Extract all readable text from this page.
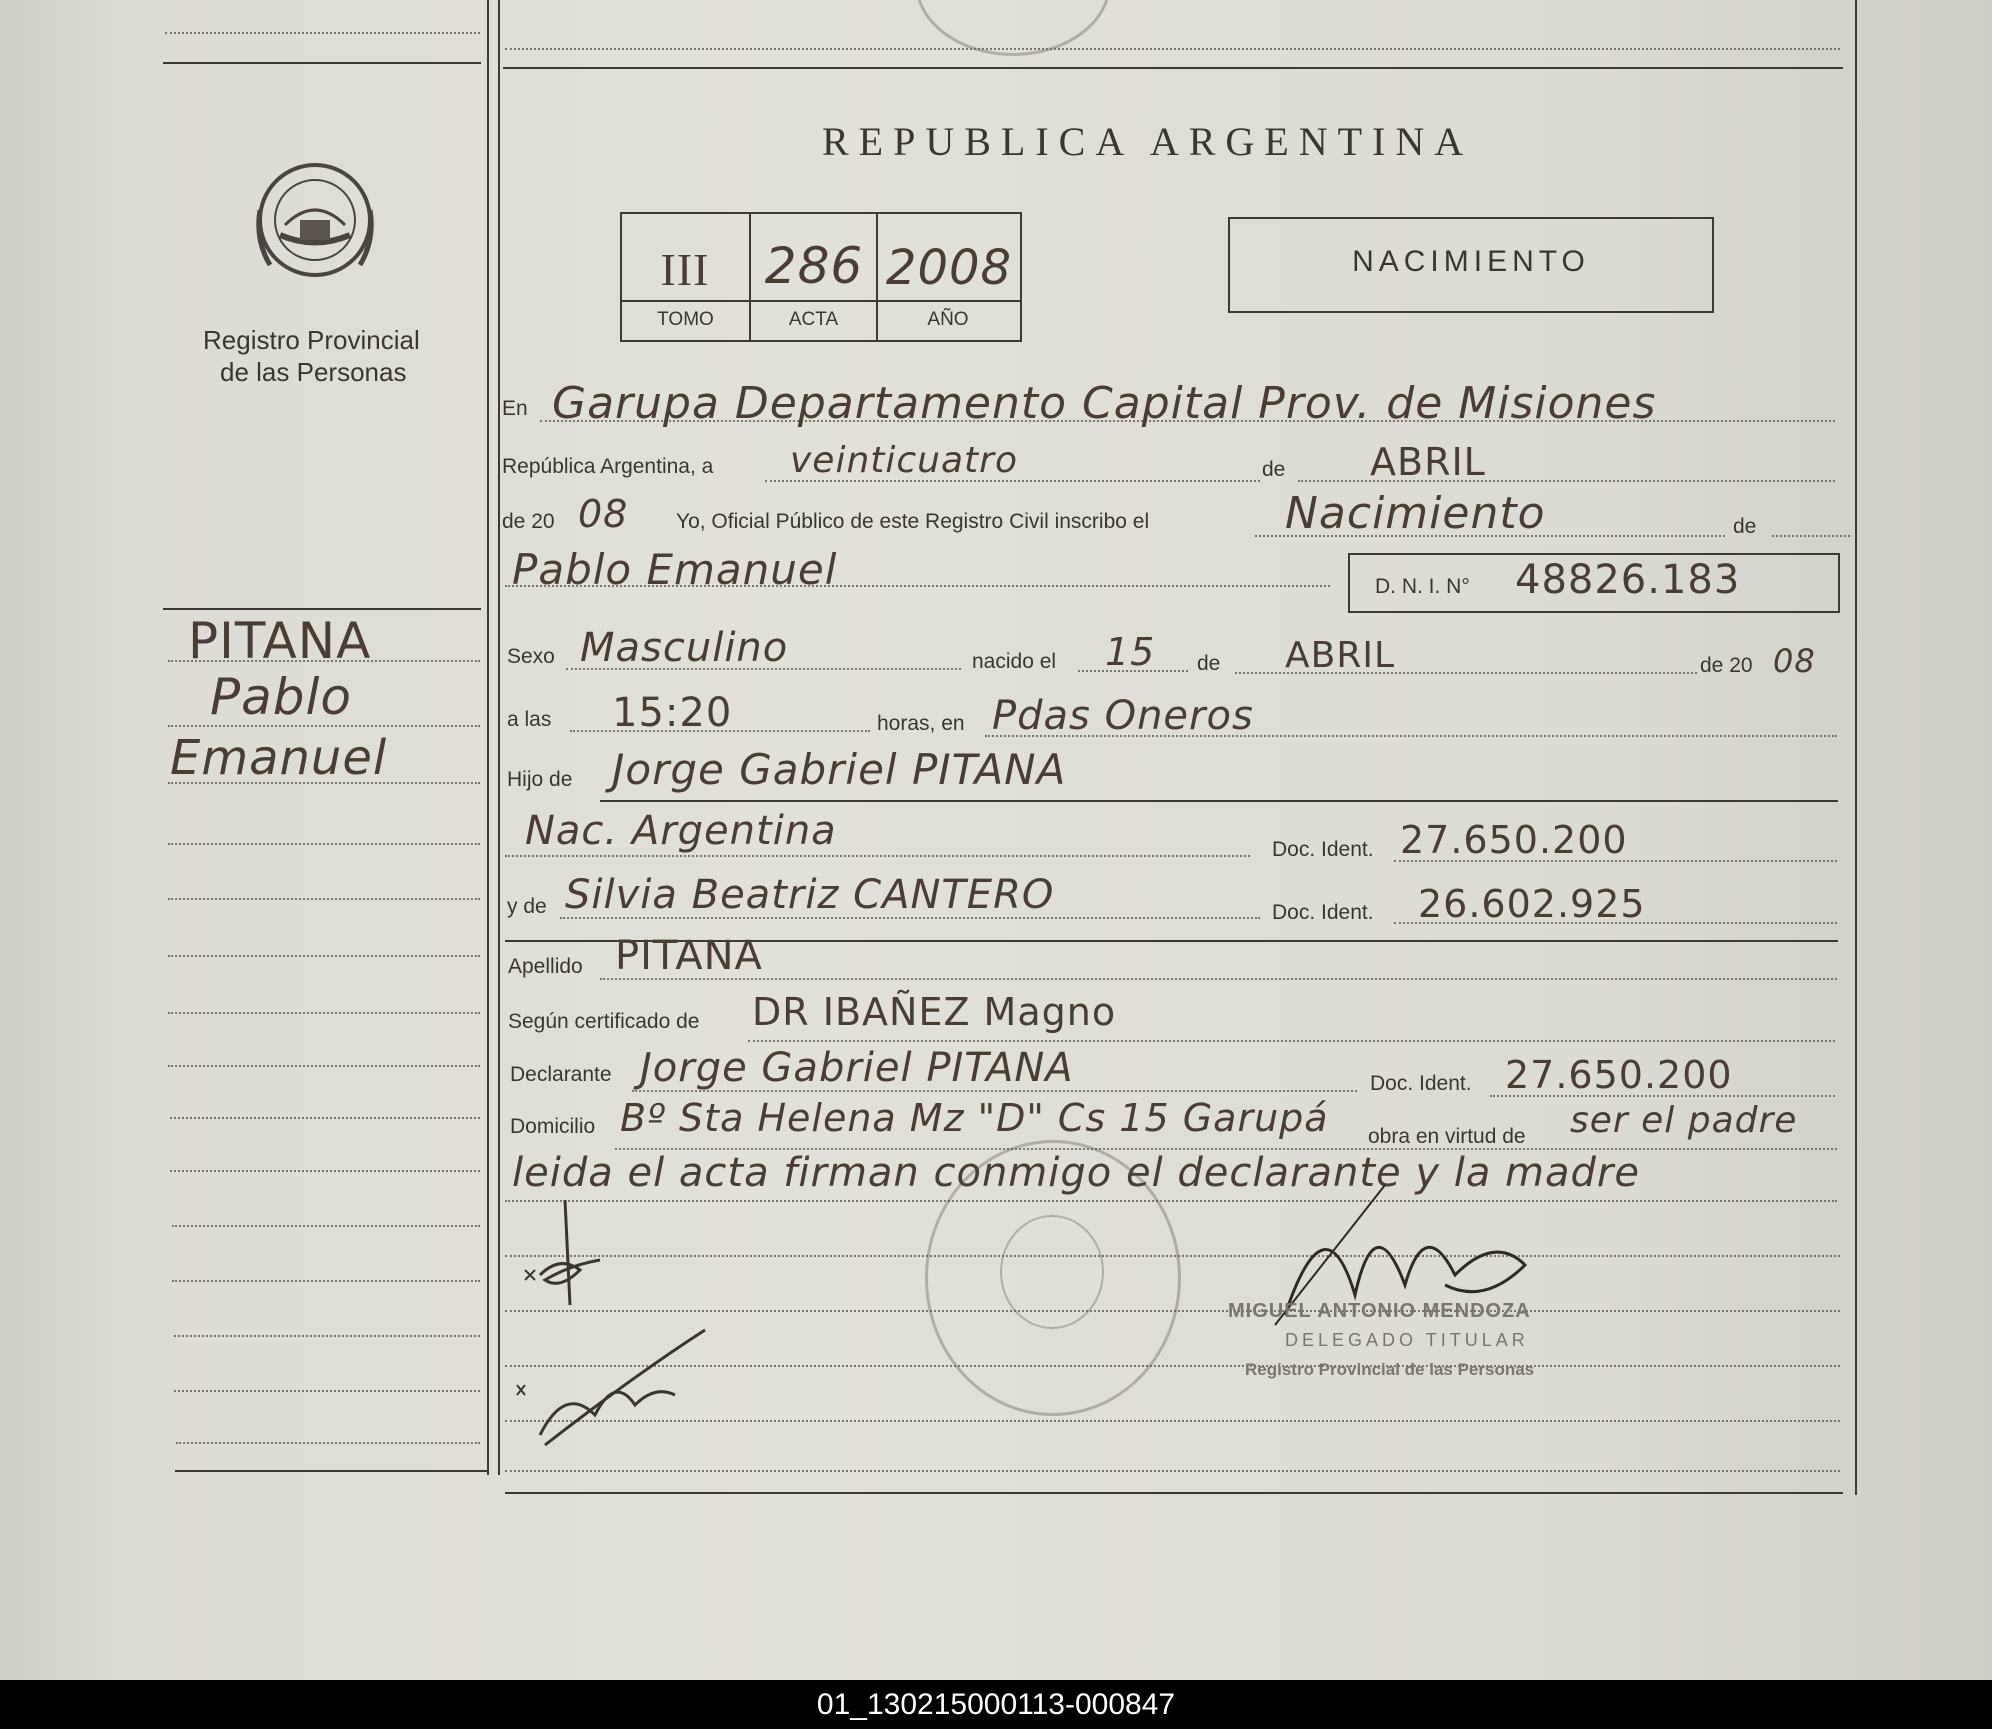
Registro Provincial
de las Personas
PITANA
Pablo
Emanuel
REPUBLICA ARGENTINA
III	286 2008
TOMO	ACTA	AÑO
NACIMIENTO
En Garupa Departamento Capital Prov. de Misiones
República Argentina, a veinticuatro	de ABRIL
de 20 08 Yo, Oficial Público de este Registro Civil inscribo el	Nacimiento	de
Pablo Emanuel	D. N. I. N° 48826.183
Sexo Masculino	nacido el 15 de ABRIL	de 20 08
a las 15:20	horas, en Pdas Oneros
Hijo de Jorge Gabriel PITANA
Nac. Argentina	Doc. Ident. 27.650.200
y de Silvia Beatriz CANTERO	Doc. Ident. 26.602.925
Apellido PITANA
Según certificado de DR IBAÑEZ Magno
Declarante Jorge Gabriel PITANA	Doc. Ident. 27.650.200
Domicilio Bº Sta Helena Mz "D" Cs 15 Garupá obra en virtud de ser el padre
leida el acta firman conmigo el declarante y la madre
MIGUEL ANTONIO MENDOZA
DELEGADO TITULAR
Registro Provincial de las Personas
01_130215000113-000847
